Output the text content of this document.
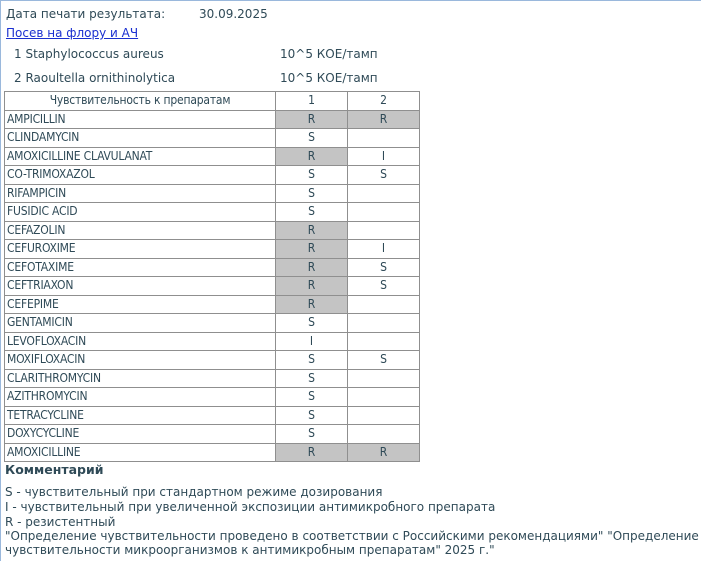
Дата печати результата:	30.09.2025
Посев на флору и АЧ
1 Staphylococcus aureus	10^5 КОЕ/тамп
2 Raoultella ornithinolytica	10^5 КОЕ/тамп
Чувствительность к препаратам	1	2
AMPICILLIN	R	R
CLINDAMYCIN	S	
AMOXICILLINE CLAVULANAT	R	I
CO-TRIMOXAZOL	S	S
RIFAMPICIN	S	
FUSIDIC ACID	S	
CEFAZOLIN	R	
CEFUROXIME	R	I
CEFOTAXIME	R	S
CEFTRIAXON	R	S
CEFEPIME	R	
GENTAMICIN	S	
LEVOFLOXACIN	I	
MOXIFLOXACIN	S	S
CLARITHROMYCIN	S	
AZITHROMYCIN	S	
TETRACYCLINE	S	
DOXYCYCLINE	S	
AMOXICILLINE	R	R
Комментарий
S - чувствительный при стандартном режиме дозирования
I - чувствительный при увеличенной экспозиции антимикробного препарата
R - резистентный
"Определение чувствительности проведено в соответствии с Российскими рекомендациями" "Определение чувствительности микроорганизмов к антимикробным препаратам" 2025 г."
